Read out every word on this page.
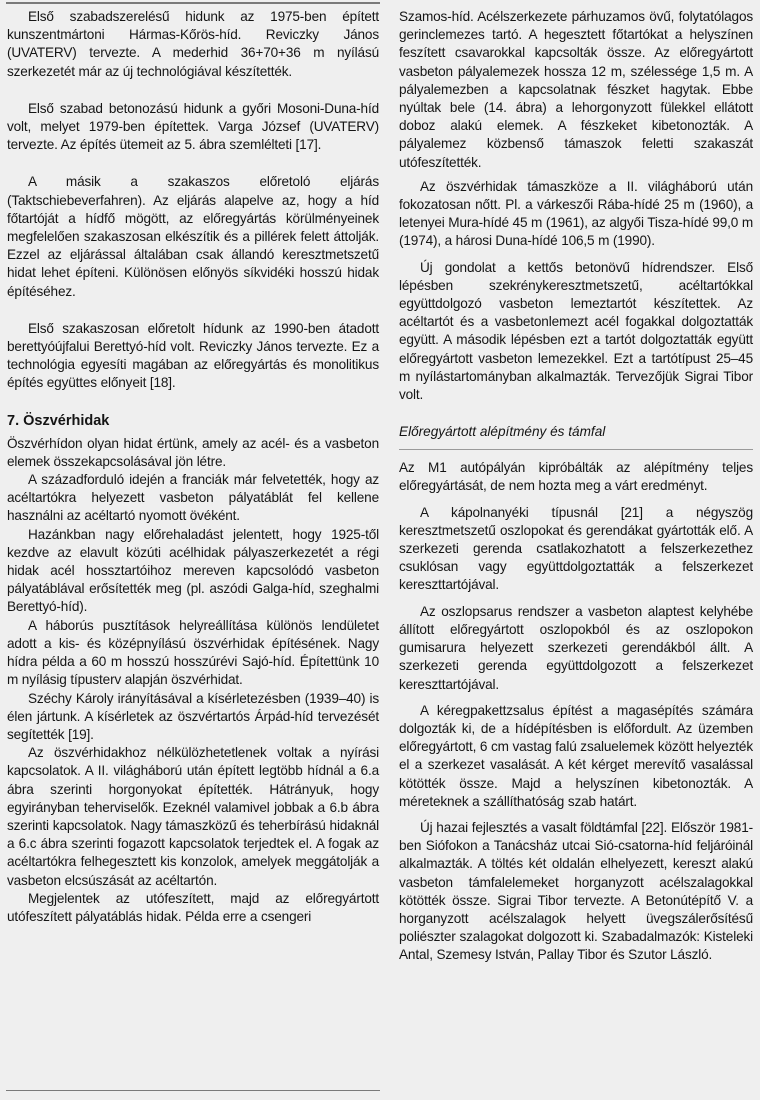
Első szabadszerelésű hidunk az 1975-ben épített kunszentmártoni Hármas-Kőrös-híd. Reviczky János (UVATERV) tervezte. A mederhid 36+70+36 m nyílású szerkezetét már az új technológiával készítették.

Első szabad betonozású hidunk a győri Mosoni-Duna-híd volt, melyet 1979-ben építettek. Varga József (UVATERV) tervezte. Az építés ütemeit az 5. ábra szemlélteti [17].

A másik a szakaszos előretoló eljárás (Taktschiebeverfahren). Az eljárás alapelve az, hogy a híd főtartóját a hídfő mögött, az előregyártás körülményeinek megfelelően szakaszosan elkészítik és a pillérek felett áttolják. Ezzel az eljárással általában csak állandó keresztmetszetű hidat lehet építeni. Különösen előnyös síkvidéki hosszú hidak építéséhez.

Első szakaszosan előretolt hídunk az 1990-ben átadott berettyóújfalui Berettyó-híd volt. Reviczky János tervezte. Ez a technológia egyesíti magában az előregyártás és monolitikus építés együttes előnyeit [18].

7. Öszvérhidak

Öszvérhídon olyan hidat értünk, amely az acél- és a vasbeton elemek összekapcsolásával jön létre.

A századforduló idején a franciák már felvetették, hogy az acéltartókra helyezett vasbeton pályatáblát fel kellene használni az acéltartó nyomott övéként.

Hazánkban nagy előrehaladást jelentett, hogy 1925-től kezdve az elavult közúti acélhidak pályaszerkezetét a régi hidak acél hossztartóihoz mereven kapcsolódó vasbeton pályatáblával erősítették meg (pl. aszódi Galga-híd, szeghalmi Berettyó-híd).

A háborús pusztítások helyreállítása különös lendületet adott a kis- és középnyílású öszvérhidak építésének. Nagy hídra példa a 60 m hosszú hosszúrévi Sajó-híd. Építettünk 10 m nyílásig típusterv alapján öszvérhidat.

Széchy Károly irányításával a kísérletezésben (1939–40) is élen jártunk. A kísérletek az öszvértartós Árpád-híd tervezését segítették [19].

Az öszvérhidakhoz nélkülözhetetlenek voltak a nyírási kapcsolatok. A II. világháború után épített legtöbb hídnál a 6.a ábra szerinti horgonyokat építették. Hátrányuk, hogy egyirányban teherviselők. Ezeknél valamivel jobbak a 6.b ábra szerinti kapcsolatok. Nagy támaszközű és teherbírású hidaknál a 6.c ábra szerinti fogazott kapcsolatok terjedtek el. A fogak az acéltartókra felhegesztett kis konzolok, amelyek meggátolják a vasbeton elcsúszását az acéltartón.

Megjelentek az utófeszített, majd az előregyártott utófeszített pályatáblás hidak. Példa erre a csengeri

Szamos-híd. Acélszerkezete párhuzamos övű, folytatólagos gerinclemezes tartó. A hegesztett főtartókat a helyszínen feszített csavarokkal kapcsolták össze. Az előregyártott vasbeton pályalemezek hossza 12 m, szélessége 1,5 m. A pályalemezben a kapcsolatnak fészket hagytak. Ebbe nyúltak bele (14. ábra) a lehorgonyzott fülekkel ellátott doboz alakú elemek. A fészkeket kibetonozták. A pályalemez közbenső támaszok feletti szakaszát utófeszítették.

Az öszvérhidak támaszköze a II. világháború után fokozatosan nőtt. Pl. a várkeszői Rába-hídé 25 m (1960), a letenyei Mura-hídé 45 m (1961), az algyői Tisza-hídé 99,0 m (1974), a hárosi Duna-hídé 106,5 m (1990).

Új gondolat a kettős betonövű hídrendszer. Első lépésben szekrénykeresztmetszetű, acéltartókkal együttdolgozó vasbeton lemeztartót készítettek. Az acéltartót és a vasbetonlemezt acél fogakkal dolgoztatták együtt. A második lépésben ezt a tartót dolgoztatták együtt előregyártott vasbeton lemezekkel. Ezt a tartótípust 25–45 m nyílástartományban alkalmazták. Tervezőjük Sigrai Tibor volt.

Előregyártott alépítmény és támfal

Az M1 autópályán kipróbálták az alépítmény teljes előregyártását, de nem hozta meg a várt eredményt.

A kápolnanyéki típusnál [21] a négyszög keresztmetszetű oszlopokat és gerendákat gyártották elő. A szerkezeti gerenda csatlakozhatott a felszerkezethez csuklósan vagy együttdolgoztatták a felszerkezet kereszttartójával.

Az oszlopsarus rendszer a vasbeton alaptest kelyhébe állított előregyártott oszlopokból és az oszlopokon gumisarura helyezett szerkezeti gerendákból állt. A szerkezeti gerenda együttdolgozott a felszerkezet kereszttartójával.

A kéregpakettzsalus építést a magasépítés számára dolgozták ki, de a hídépítésben is előfordult. Az üzemben előregyártott, 6 cm vastag falú zsaluelemek között helyezték el a szerkezet vasalását. A két kérget merevítő vasalással kötötték össze. Majd a helyszínen kibetonozták. A méreteknek a szállíthatóság szab határt.

Új hazai fejlesztés a vasalt földtámfal [22]. Először 1981-ben Siófokon a Tanácsház utcai Sió-csatorna-híd feljáróinál alkalmazták. A töltés két oldalán elhelyezett, kereszt alakú vasbeton támfalelemeket horganyzott acélszalagokkal kötötték össze. Sigrai Tibor tervezte. A Betonútépítő V. a horganyzott acélszalagok helyett üvegszálerősítésű poliészter szalagokat dolgozott ki. Szabadalmazók: Kisteleki Antal, Szemesy István, Pallay Tibor és Szutor László.
